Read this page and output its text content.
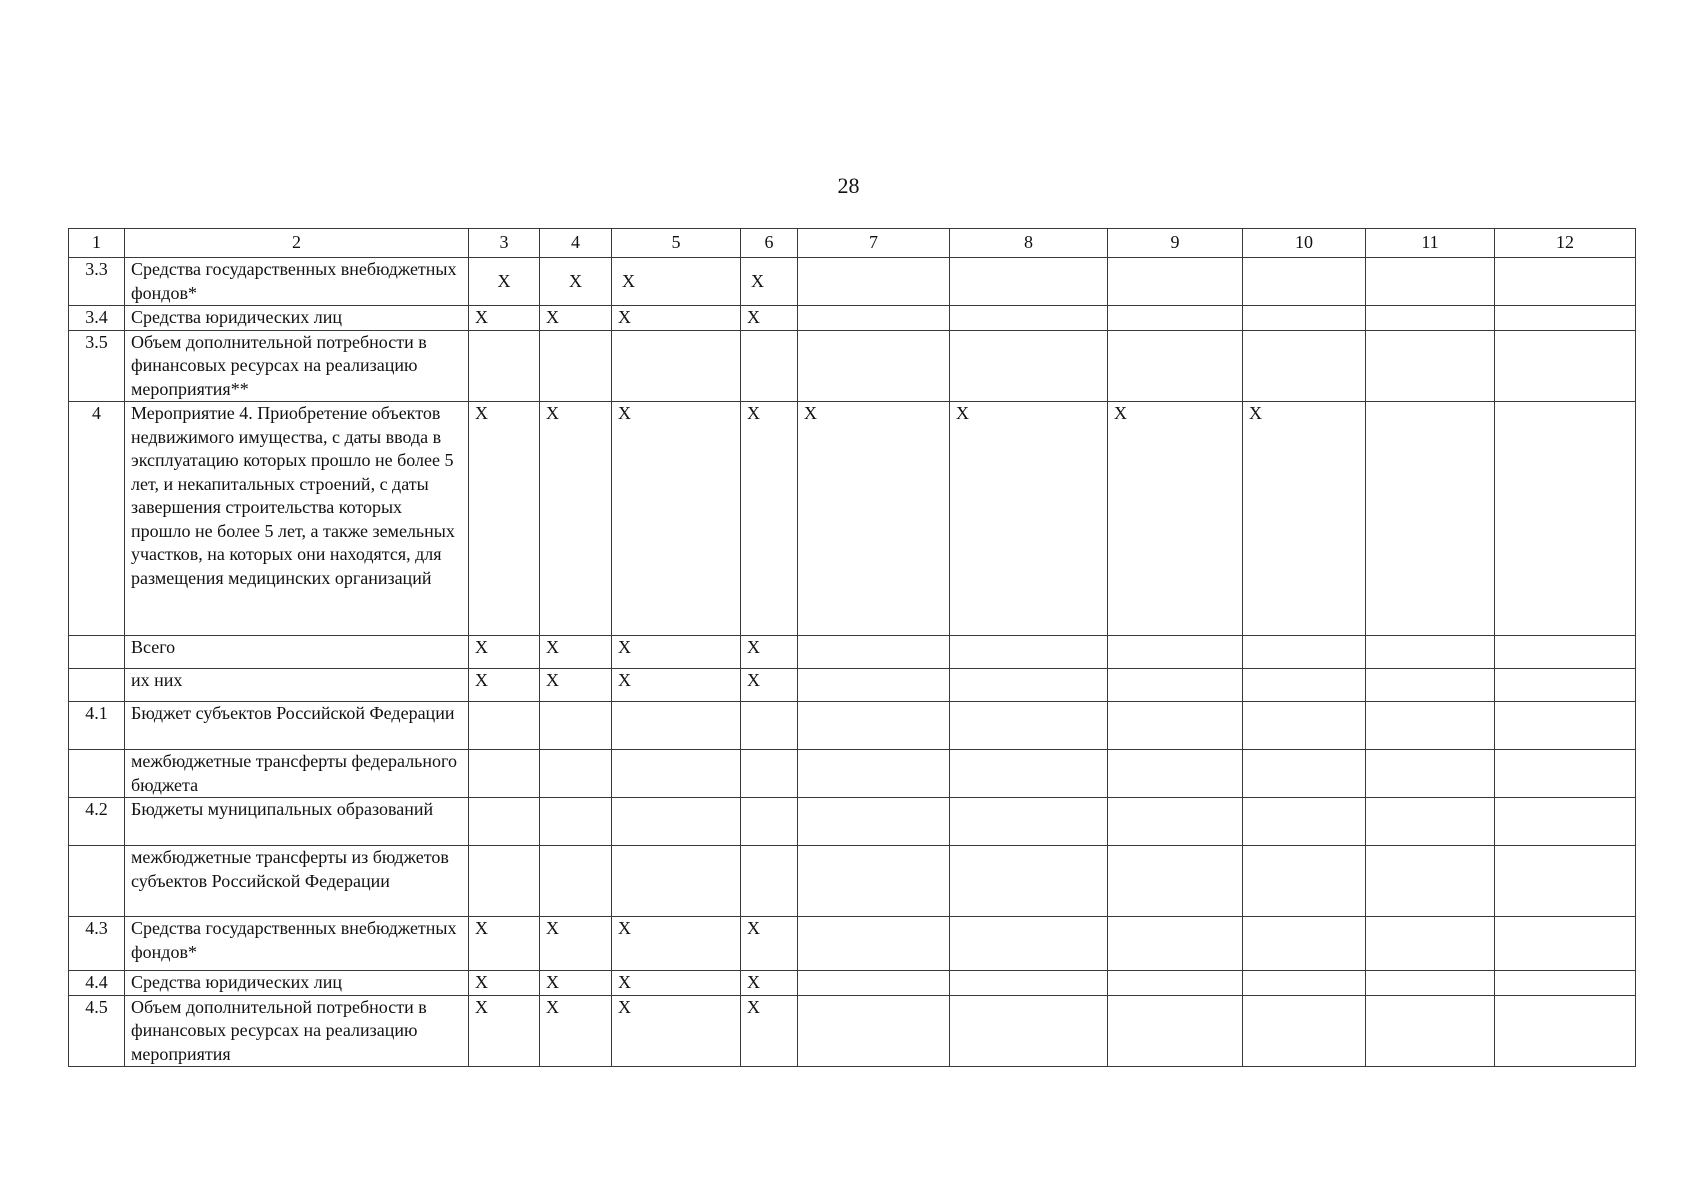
28
1	2	3	4	5	6	7	8	9	10	11	12
3.3	Средства государственных внебюджетных фондов*	X	X	X	X						
3.4	Средства юридических лиц	X	X	X	X						
3.5	Объем дополнительной потребности в финансовых ресурсах на реализацию мероприятия**										
4	Мероприятие 4. Приобретение объектов недвижимого имущества, с даты ввода в эксплуатацию которых прошло не более 5 лет, и некапитальных строений, с даты завершения строительства которых прошло не более 5 лет, а также земельных участков, на которых они находятся, для размещения медицинских организаций	X	X	X	X	X	X	X	X		
	Всего	X	X	X	X						
	их них	X	X	X	X						
4.1	Бюджет субъектов Российской Федерации										
	межбюджетные трансферты федерального бюджета										
4.2	Бюджеты муниципальных образований										
	межбюджетные трансферты из бюджетов субъектов Российской Федерации										
4.3	Средства государственных внебюджетных фондов*	X	X	X	X						
4.4	Средства юридических лиц	X	X	X	X						
4.5	Объем дополнительной потребности в финансовых ресурсах на реализацию мероприятия	X	X	X	X						
